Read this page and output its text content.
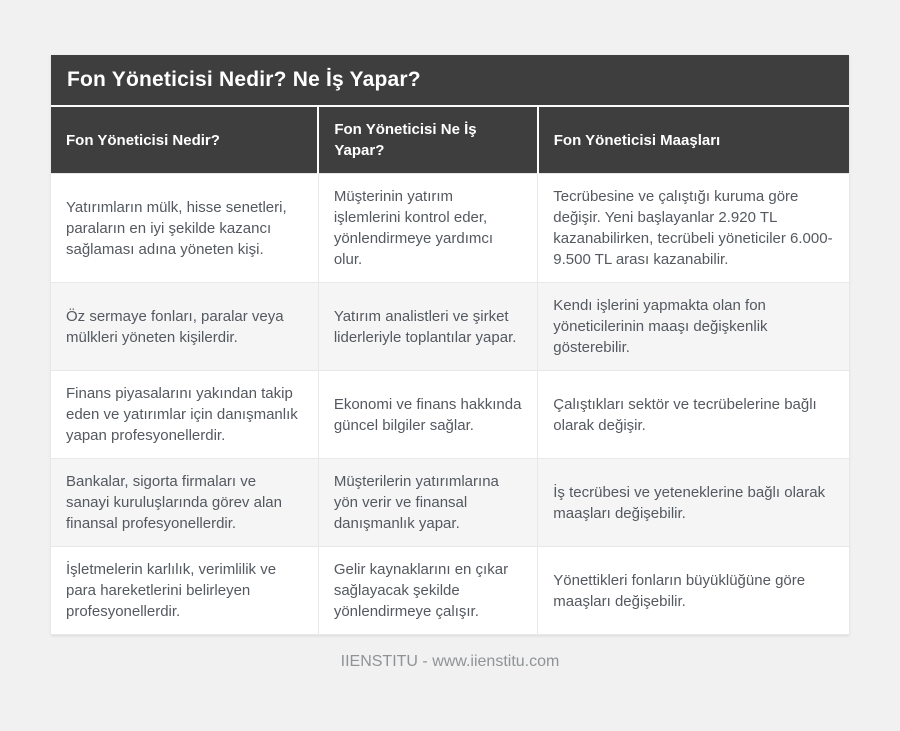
Fon Yöneticisi Nedir? Ne İş Yapar?
Fon Yöneticisi Nedir?	Fon Yöneticisi Ne İş Yapar?	Fon Yöneticisi Maaşları
Yatırımların mülk, hisse senetleri, paraların en iyi şekilde kazancı sağlaması adına yöneten kişi.	Müşterinin yatırım işlemlerini kontrol eder, yönlendirmeye yardımcı olur.	Tecrübesine ve çalıştığı kuruma göre değişir. Yeni başlayanlar 2.920 TL kazanabilirken, tecrübeli yöneticiler 6.000-9.500 TL arası kazanabilir.
Öz sermaye fonları, paralar veya mülkleri yöneten kişilerdir.	Yatırım analistleri ve şirket liderleriyle toplantılar yapar.	Kendı işlerini yapmakta olan fon yöneticilerinin maaşı değişkenlik gösterebilir.
Finans piyasalarını yakından takip eden ve yatırımlar için danışmanlık yapan profesyonellerdir.	Ekonomi ve finans hakkında güncel bilgiler sağlar.	Çalıştıkları sektör ve tecrübelerine bağlı olarak değişir.
Bankalar, sigorta firmaları ve sanayi kuruluşlarında görev alan finansal profesyonellerdir.	Müşterilerin yatırımlarına yön verir ve finansal danışmanlık yapar.	İş tecrübesi ve yeteneklerine bağlı olarak maaşları değişebilir.
İşletmelerin karlılık, verimlilik ve para hareketlerini belirleyen profesyonellerdir.	Gelir kaynaklarını en çıkar sağlayacak şekilde yönlendirmeye çalışır.	Yönettikleri fonların büyüklüğüne göre maaşları değişebilir.
IIENSTITU - www.iienstitu.com
